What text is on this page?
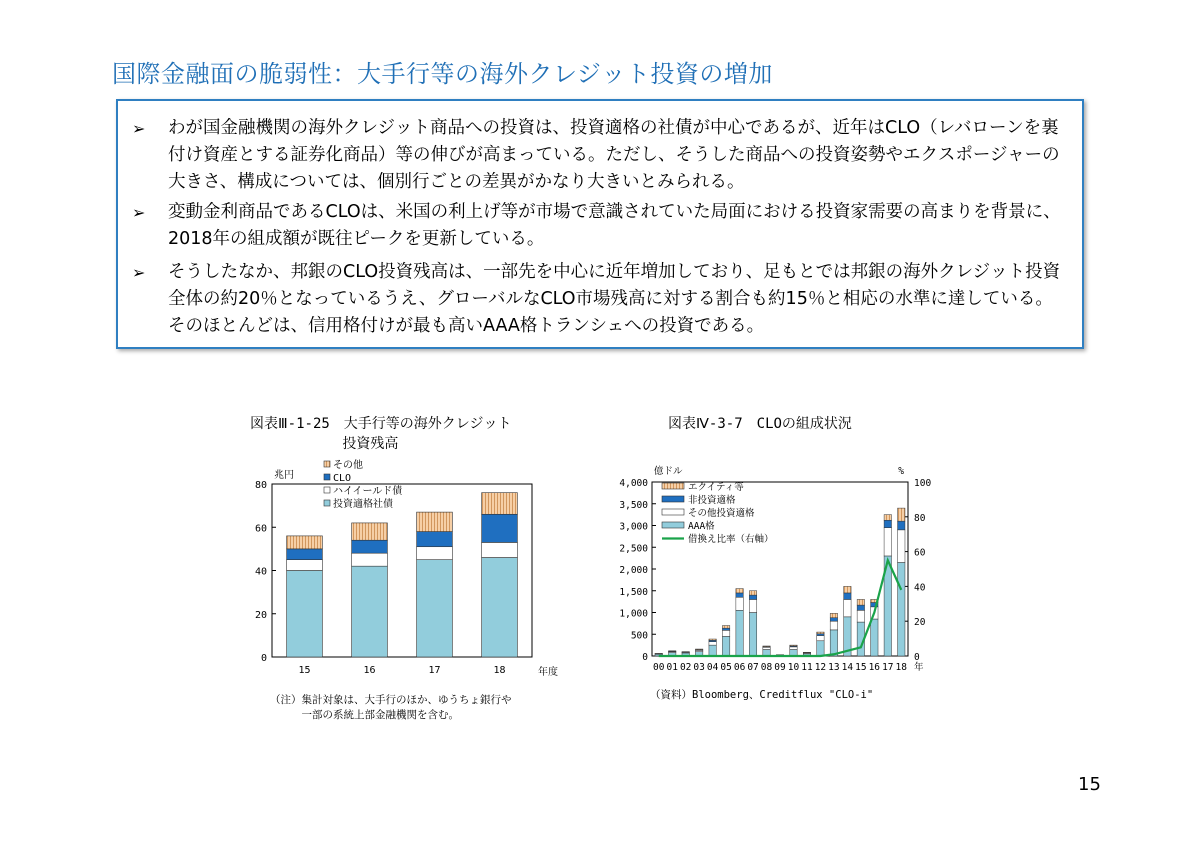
国際金融面の脆弱性：大手行等の海外クレジット投資の増加
➢	わが国金融機関の海外クレジット商品への投資は、投資適格の社債が中心であるが、近年はCLO（レバローンを裏付け資産とする証券化商品）等の伸びが高まっている。ただし、そうした商品への投資姿勢やエクスポージャーの大きさ、構成については、個別行ごとの差異がかなり大きいとみられる。
➢	変動金利商品であるCLOは、米国の利上げ等が市場で意識されていた局面における投資家需要の高まりを背景に、2018年の組成額が既往ピークを更新している。
➢	そうしたなか、邦銀のCLO投資残高は、一部先を中心に近年増加しており、足もとでは邦銀の海外クレジット投資全体の約20％となっているうえ、グローバルなCLO市場残高に対する割合も約15％と相応の水準に達している。そのほとんどは、信用格付けが最も高いAAA格トランシェへの投資である。
図表Ⅲ-1-25　大手行等の海外クレジット
　　　　　　 投資残高
兆円
0
20
40
60
80
15	16	17	18	年度
その他
CLO
ハイイールド債
投資適格社債
（注）集計対象は、大手行のほか、ゆうちょ銀行や
　　　一部の系統上部金融機関を含む。
図表Ⅳ-3-7　CLOの組成状況
億ドル	%
0
500
1,000
1,500
2,000
2,500
3,000
3,500
4,000
0
20
40
60
80
100
00 01 02 03 04 05 06 07 08 09 10 11 12 13 14 15 16 17 18 年
エクイティ等
非投資適格
その他投資適格
AAA格
借換え比率（右軸）
（資料）Bloomberg、Creditflux "CLO-i"
15
